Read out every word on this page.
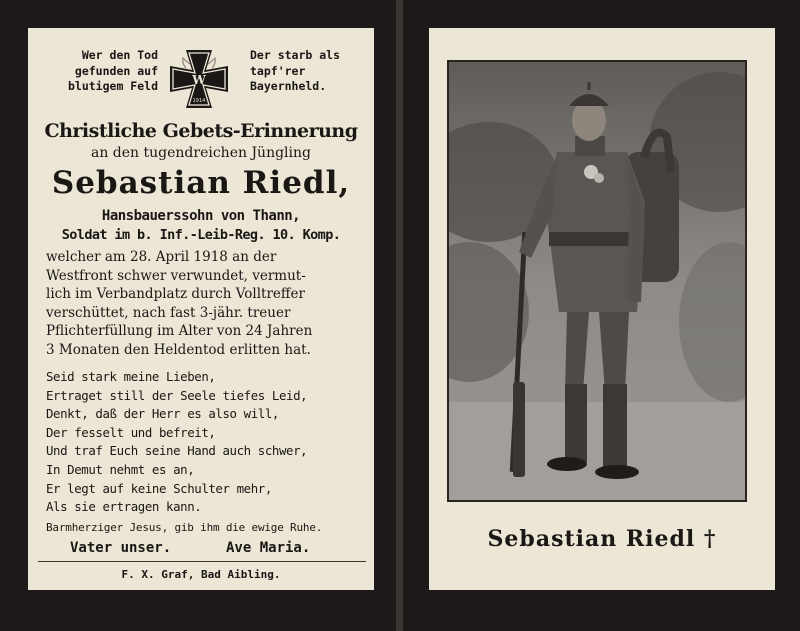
Wer den Tod
gefunden auf
blutigem Feld	W
1914
Der starb als
tapf'rer
Bayernheld.
Christliche Gebets-Erinnerung
an den tugendreichen Jüngling
Sebastian Riedl,
Hansbauerssohn von Thann,
Soldat im b. Inf.-Leib-Reg. 10. Komp.
welcher am 28. April 1918 an der
Westfront schwer verwundet, vermut-
lich im Verbandplatz durch Volltreffer
verschüttet, nach fast 3-jähr. treuer
Pflichterfüllung im Alter von 24 Jahren
3 Monaten den Heldentod erlitten hat.
Seid stark meine Lieben,
Ertraget still der Seele tiefes Leid,
Denkt, daß der Herr es also will,
Der fesselt und befreit,
Und traf Euch seine Hand auch schwer,
In Demut nehmt es an,
Er legt auf keine Schulter mehr,
Als sie ertragen kann.
Barmherziger Jesus, gib ihm die ewige Ruhe.
Vater unser.	Ave Maria.
F. X. Graf, Bad Aibling.
Sebastian Riedl †
